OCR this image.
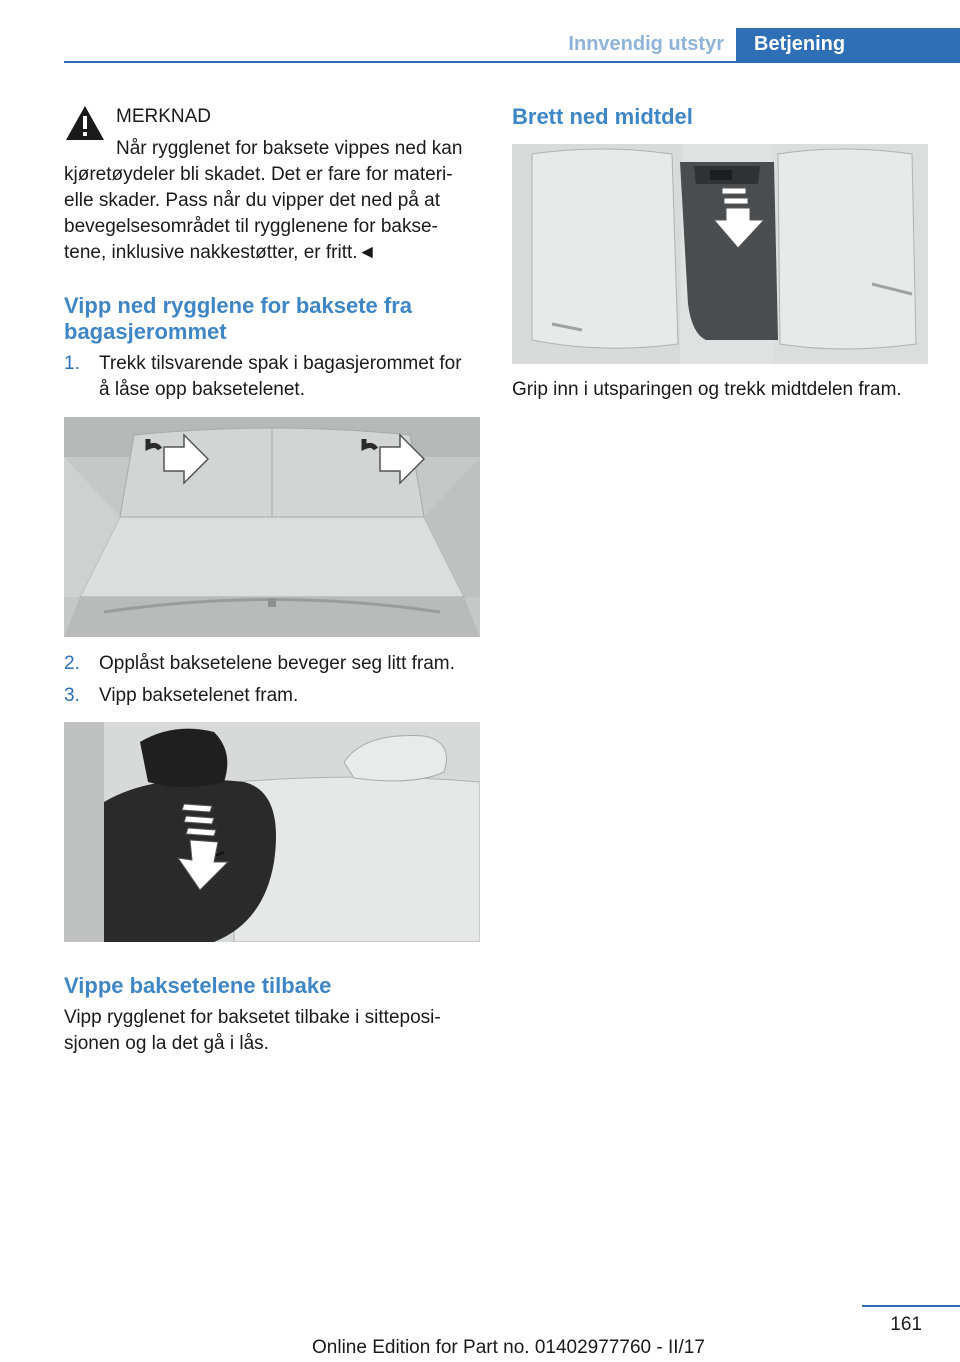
Innvendig utstyr	Betjening
MERKNAD
Når rygglenet for baksete vippes ned kan
kjøretøydeler bli skadet. Det er fare for materi-
elle skader. Pass når du vipper det ned på at
bevegelsesområdet til rygglenene for bakse-
tene, inklusive nakkestøtter, er fritt.◄
Vipp ned rygglene for baksete fra
bagasjerommet
1. Trekk tilsvarende spak i bagasjerommet for
å låse opp baksetelenet.
2. Opplåst baksetelene beveger seg litt fram.
3. Vipp baksetelenet fram.
Vippe baksetelene tilbake
Vipp rygglenet for baksetet tilbake i sitteposi-
sjonen og la det gå i lås.
Brett ned midtdel
Grip inn i utsparingen og trekk midtdelen fram.
161
Online Edition for Part no. 01402977760 - II/17
